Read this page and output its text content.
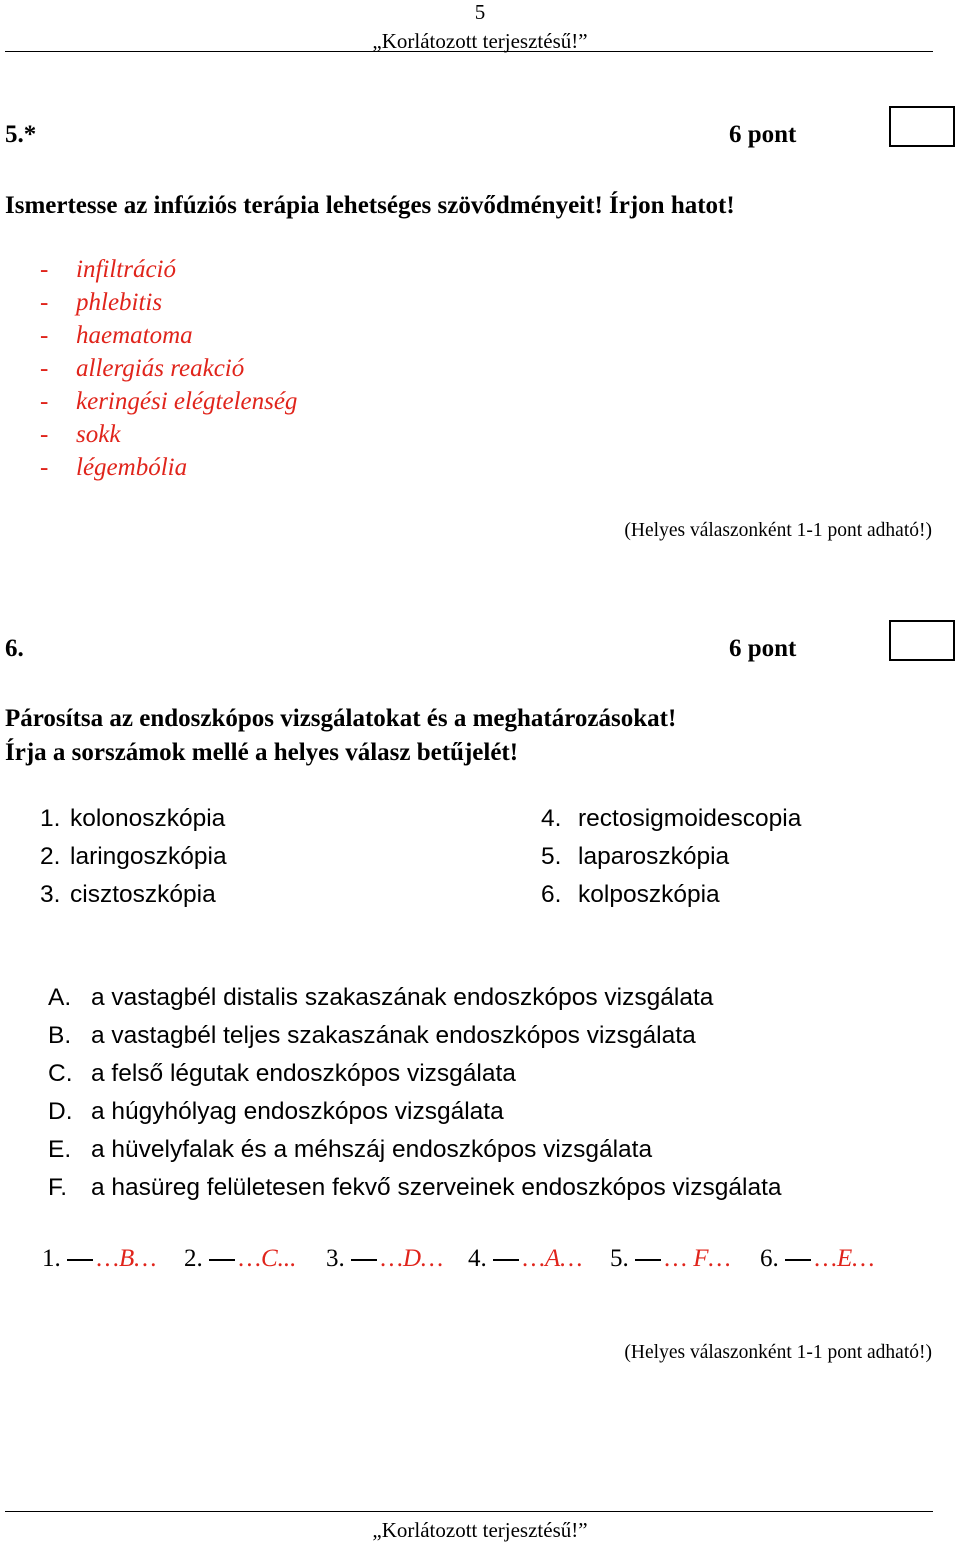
5
„Korlátozott terjesztésű!”
5.*	6 pont
Ismertesse az infúziós terápia lehetséges szövődményeit! Írjon hatot!
- infiltráció
- phlebitis
- haematoma
- allergiás reakció
- keringési elégtelenség
- sokk
- légembólia
(Helyes válaszonként 1-1 pont adható!)
6.	6 pont
Párosítsa az endoszkópos vizsgálatokat és a meghatározásokat!
Írja a sorszámok mellé a helyes válasz betűjelét!
1. kolonoszkópia
2. laringoszkópia
3. cisztoszkópia
4. rectosigmoidescopia
5. laparoszkópia
6. kolposzkópia
A. a vastagbél distalis szakaszának endoszkópos vizsgálata
B. a vastagbél teljes szakaszának endoszkópos vizsgálata
C. a felső légutak endoszkópos vizsgálata
D. a húgyhólyag endoszkópos vizsgálata
E. a hüvelyfalak és a méhszáj endoszkópos vizsgálata
F. a hasüreg felületesen fekvő szerveinek endoszkópos vizsgálata
1. …B… 2. …C... 3. …D… 4. …A… 5. … F… 6. …E…
(Helyes válaszonként 1-1 pont adható!)
„Korlátozott terjesztésű!”
